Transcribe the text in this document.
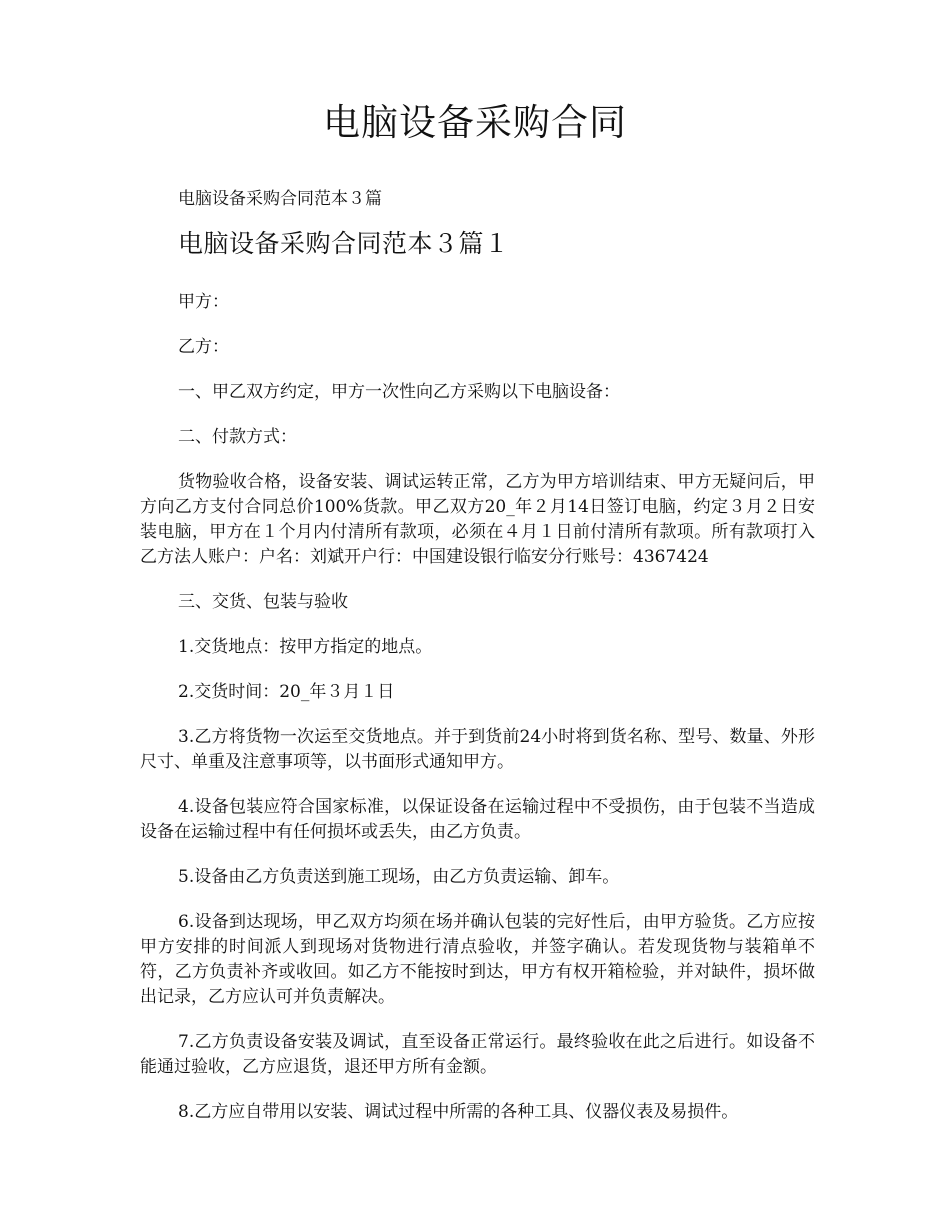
电脑设备采购合同
电脑设备采购合同范本３篇
电脑设备采购合同范本３篇１

甲方：

乙方：

一、甲乙双方约定，甲方一次性向乙方采购以下电脑设备：

二、付款方式：

货物验收合格，设备安装、调试运转正常，乙方为甲方培训结束、甲方无疑问后，甲方向乙方支付合同总价100%货款。甲乙双方20_年２月14日签订电脑，约定３月２日安装电脑，甲方在１个月内付清所有款项，必须在４月１日前付清所有款项。所有款项打入乙方法人账户：户名：刘斌开户行：中国建设银行临安分行账号：4367424

三、交货、包装与验收

1.交货地点：按甲方指定的地点。

2.交货时间：20_年３月１日

3.乙方将货物一次运至交货地点。并于到货前24小时将到货名称、型号、数量、外形尺寸、单重及注意事项等，以书面形式通知甲方。

4.设备包装应符合国家标准，以保证设备在运输过程中不受损伤，由于包装不当造成设备在运输过程中有任何损坏或丢失，由乙方负责。

5.设备由乙方负责送到施工现场，由乙方负责运输、卸车。

6.设备到达现场，甲乙双方均须在场并确认包装的完好性后，由甲方验货。乙方应按甲方安排的时间派人到现场对货物进行清点验收，并签字确认。若发现货物与装箱单不符，乙方负责补齐或收回。如乙方不能按时到达，甲方有权开箱检验，并对缺件，损坏做出记录，乙方应认可并负责解决。

7.乙方负责设备安装及调试，直至设备正常运行。最终验收在此之后进行。如设备不能通过验收，乙方应退货，退还甲方所有金额。

8.乙方应自带用以安装、调试过程中所需的各种工具、仪器仪表及易损件。
